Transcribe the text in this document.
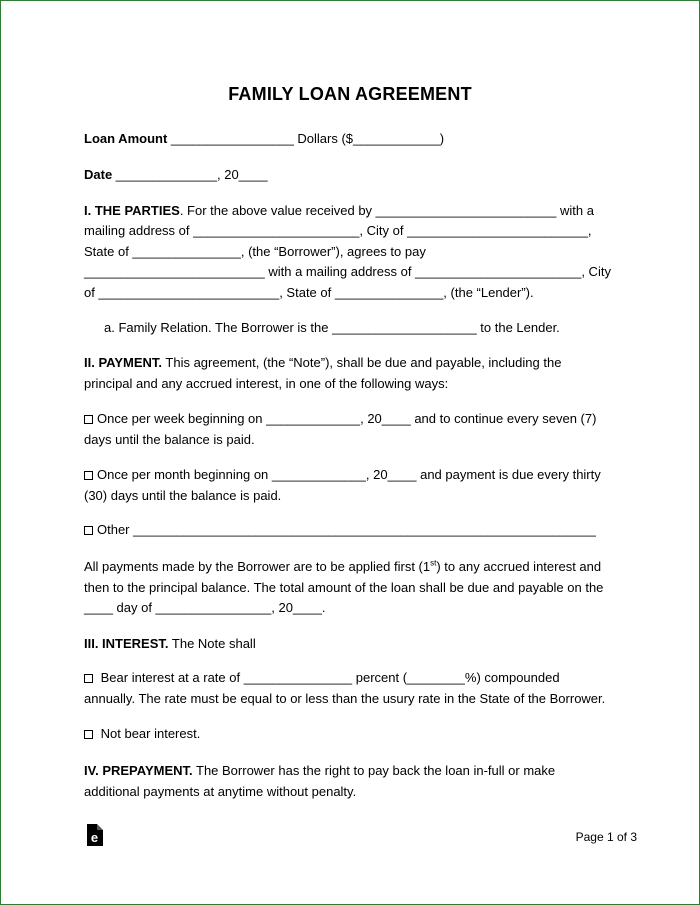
FAMILY LOAN AGREEMENT
Loan Amount _________________ Dollars ($____________)
Date ______________, 20____
I. THE PARTIES. For the above value received by _________________________ with a
mailing address of _______________________, City of _________________________,
State of _______________, (the “Borrower”), agrees to pay
_________________________ with a mailing address of _______________________, City
of _________________________, State of _______________, (the “Lender”).
a. Family Relation. The Borrower is the ____________________ to the Lender.
II. PAYMENT. This agreement, (the “Note”), shall be due and payable, including the
principal and any accrued interest, in one of the following ways:
Once per week beginning on _____________, 20____ and to continue every seven (7)
days until the balance is paid.
Once per month beginning on _____________, 20____ and payment is due every thirty
(30) days until the balance is paid.
Other ________________________________________________________________
All payments made by the Borrower are to be applied first (1st) to any accrued interest and
then to the principal balance. The total amount of the loan shall be due and payable on the
____ day of ________________, 20____.
III. INTEREST. The Note shall
Bear interest at a rate of _______________ percent (________%) compounded
annually. The rate must be equal to or less than the usury rate in the State of the Borrower.
Not bear interest.
IV. PREPAYMENT. The Borrower has the right to pay back the loan in-full or make
additional payments at anytime without penalty.
e	Page 1 of 3
